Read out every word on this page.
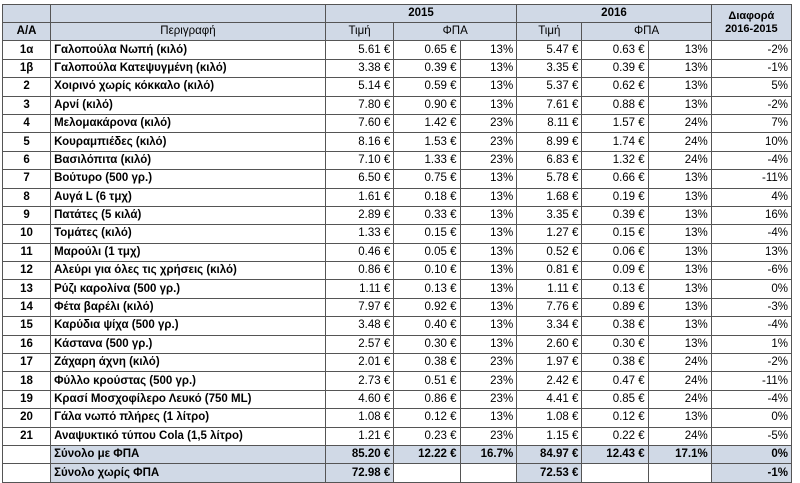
		2015			2016			Διαφορά
2016-2015
Α/Α	Περιγραφή	Τιμή	ΦΠΑ		Τιμή	ΦΠΑ		
1α	Γαλοπούλα Νωπή (κιλό)	5.61 €	0.65 €	13%	5.47 €	0.63 €	13%	-2%
1β	Γαλοπούλα Κατεψυγμένη (κιλό)	3.38 €	0.39 €	13%	3.35 €	0.39 €	13%	-1%
2	Χοιρινό χωρίς κόκκαλο (κιλό)	5.14 €	0.59 €	13%	5.37 €	0.62 €	13%	5%
3	Αρνί (κιλό)	7.80 €	0.90 €	13%	7.61 €	0.88 €	13%	-2%
4	Μελομακάρονα (κιλό)	7.60 €	1.42 €	23%	8.11 €	1.57 €	24%	7%
5	Κουραμπιέδες (κιλό)	8.16 €	1.53 €	23%	8.99 €	1.74 €	24%	10%
6	Βασιλόπιτα (κιλό)	7.10 €	1.33 €	23%	6.83 €	1.32 €	24%	-4%
7	Βούτυρο (500 γρ.)	6.50 €	0.75 €	13%	5.78 €	0.66 €	13%	-11%
8	Αυγά L (6 τμχ)	1.61 €	0.18 €	13%	1.68 €	0.19 €	13%	4%
9	Πατάτες (5 κιλά)	2.89 €	0.33 €	13%	3.35 €	0.39 €	13%	16%
10	Τομάτες (κιλό)	1.33 €	0.15 €	13%	1.27 €	0.15 €	13%	-4%
11	Μαρούλι (1 τμχ)	0.46 €	0.05 €	13%	0.52 €	0.06 €	13%	13%
12	Αλεύρι για όλες τις χρήσεις (κιλό)	0.86 €	0.10 €	13%	0.81 €	0.09 €	13%	-6%
13	Ρύζι καρολίνα (500 γρ.)	1.11 €	0.13 €	13%	1.11 €	0.13 €	13%	0%
14	Φέτα βαρέλι (κιλό)	7.97 €	0.92 €	13%	7.76 €	0.89 €	13%	-3%
15	Καρύδια ψίχα (500 γρ.)	3.48 €	0.40 €	13%	3.34 €	0.38 €	13%	-4%
16	Κάστανα (500 γρ.)	2.57 €	0.30 €	13%	2.60 €	0.30 €	13%	1%
17	Ζάχαρη άχνη (κιλό)	2.01 €	0.38 €	23%	1.97 €	0.38 €	24%	-2%
18	Φύλλο κρούστας (500 γρ.)	2.73 €	0.51 €	23%	2.42 €	0.47 €	24%	-11%
19	Κρασί Μοσχοφίλερο Λευκό (750 ML)	4.60 €	0.86 €	23%	4.41 €	0.85 €	24%	-4%
20	Γάλα νωπό πλήρες (1 λίτρο)	1.08 €	0.12 €	13%	1.08 €	0.12 €	13%	0%
21	Αναψυκτικό τύπου Cola (1,5 λίτρο)	1.21 €	0.23 €	23%	1.15 €	0.22 €	24%	-5%
	Σύνολο με ΦΠΑ	85.20 €	12.22 €	16.7%	84.97 €	12.43 €	17.1%	0%
	Σύνολο χωρίς ΦΠΑ	72.98 €			72.53 €			-1%
